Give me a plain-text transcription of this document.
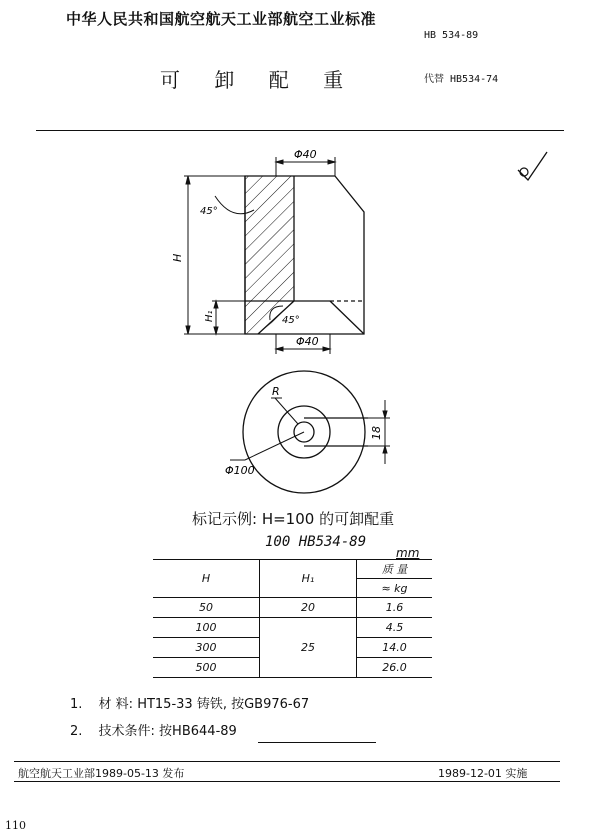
中华人民共和国航空航天工业部航空工业标准
HB 534-89
可 卸 配 重	代替 HB534-74
Φ40
Φ40
H
H₁
45°
45°
18
R
Φ100
标记示例: H=100 的可卸配重
100 HB534-89
mm
H	H₁	质 量
		≈ kg
50	20	1.6
100	25	4.5
300		14.0
500		26.0
1. 材 料: HT15-33 铸铁, 按GB976-67
2. 技术条件: 按HB644-89
航空航天工业部1989-05-13 发布	1989-12-01 实施
110
